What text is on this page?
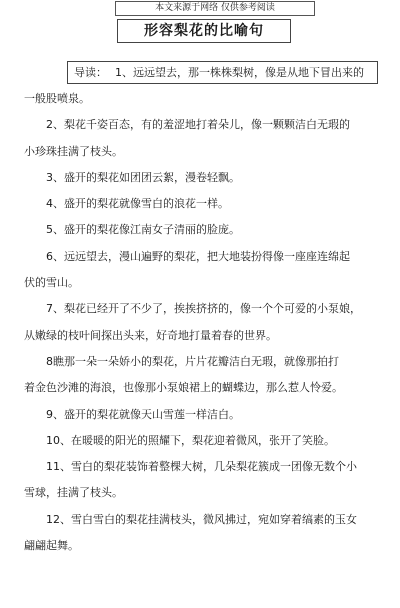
本文来源于网络 仅供参考阅读
形容梨花的比喻句
导读： 1、远远望去，那一株株梨树，像是从地下冒出来的

一般股喷泉。

2、梨花千姿百态，有的羞涩地打着朵儿，像一颗颗洁白无瑕的

小珍珠挂满了枝头。

3、盛开的梨花如团团云絮，漫卷轻飘。

4、盛开的梨花就像雪白的浪花一样。

5、盛开的梨花像江南女子清丽的脸庞。

6、远远望去，漫山遍野的梨花，把大地装扮得像一座座连绵起

伏的雪山。

7、梨花已经开了不少了，挨挨挤挤的，像一个个可爱的小泵娘，

从嫩绿的枝叶间探出头来，好奇地打量着春的世界。

8瞧那一朵一朵娇小的梨花，片片花瓣洁白无瑕，就像那拍打

着金色沙滩的海浪，也像那小泵娘裙上的蝴蝶边，那么惹人怜爱。

9、盛开的梨花就像天山雪莲一样洁白。

10、在暖暖的阳光的照耀下，梨花迎着微风，张开了笑脸。

11、雪白的梨花装饰着整棵大树，几朵梨花簇成一团像无数个小

雪球，挂满了枝头。

12、雪白雪白的梨花挂满枝头，微风拂过，宛如穿着缟素的玉女

翩翩起舞。
